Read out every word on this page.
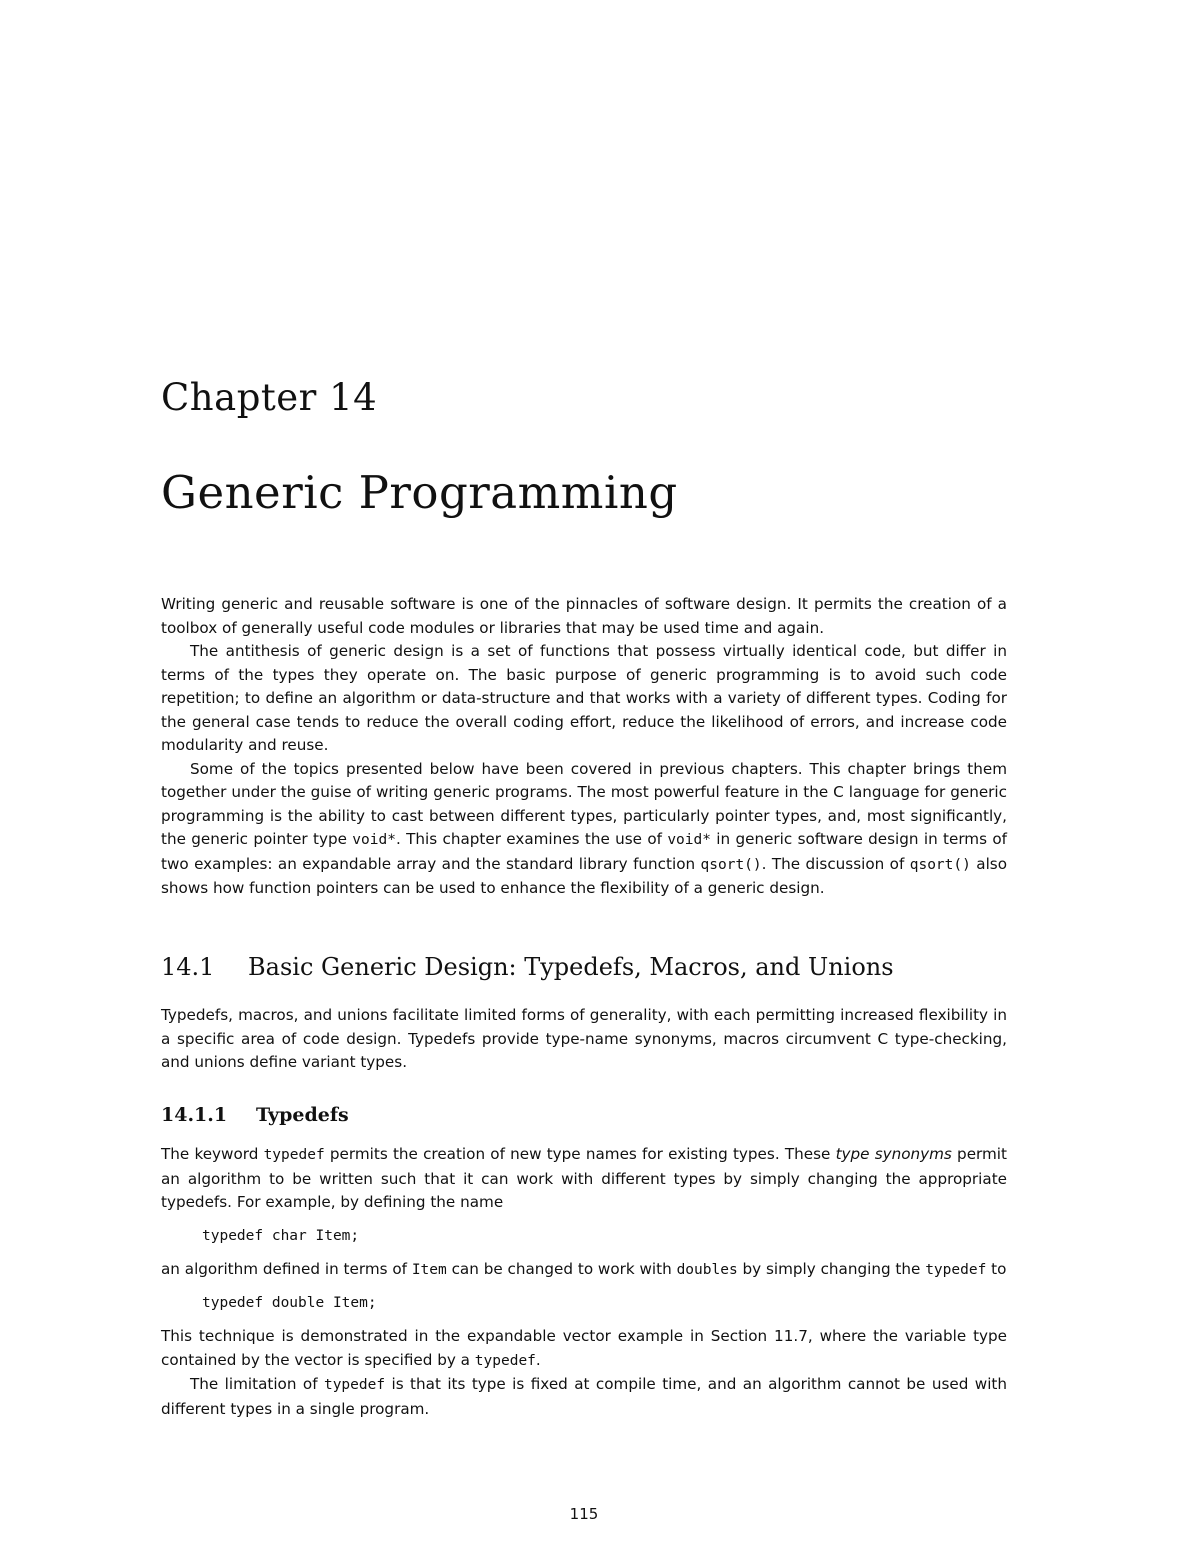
Chapter 14
Generic Programming

Writing generic and reusable software is one of the pinnacles of software design. It permits the creation of a toolbox of generally useful code modules or libraries that may be used time and again.

The antithesis of generic design is a set of functions that possess virtually identical code, but differ in terms of the types they operate on. The basic purpose of generic programming is to avoid such code repetition; to define an algorithm or data-structure and that works with a variety of different types. Coding for the general case tends to reduce the overall coding effort, reduce the likelihood of errors, and increase code modularity and reuse.

Some of the topics presented below have been covered in previous chapters. This chapter brings them together under the guise of writing generic programs. The most powerful feature in the C language for generic programming is the ability to cast between different types, particularly pointer types, and, most significantly, the generic pointer type void*. This chapter examines the use of void* in generic software design in terms of two examples: an expandable array and the standard library function qsort(). The discussion of qsort() also shows how function pointers can be used to enhance the flexibility of a generic design.

14.1 Basic Generic Design: Typedefs, Macros, and Unions

Typedefs, macros, and unions facilitate limited forms of generality, with each permitting increased flexibility in a specific area of code design. Typedefs provide type-name synonyms, macros circumvent C type-checking, and unions define variant types.

14.1.1 Typedefs

The keyword typedef permits the creation of new type names for existing types. These type synonyms permit an algorithm to be written such that it can work with different types by simply changing the appropriate typedefs. For example, by defining the name

typedef char Item;

an algorithm defined in terms of Item can be changed to work with doubles by simply changing the typedef to

typedef double Item;

This technique is demonstrated in the expandable vector example in Section 11.7, where the variable type contained by the vector is specified by a typedef.

The limitation of typedef is that its type is fixed at compile time, and an algorithm cannot be used with different types in a single program.

115
